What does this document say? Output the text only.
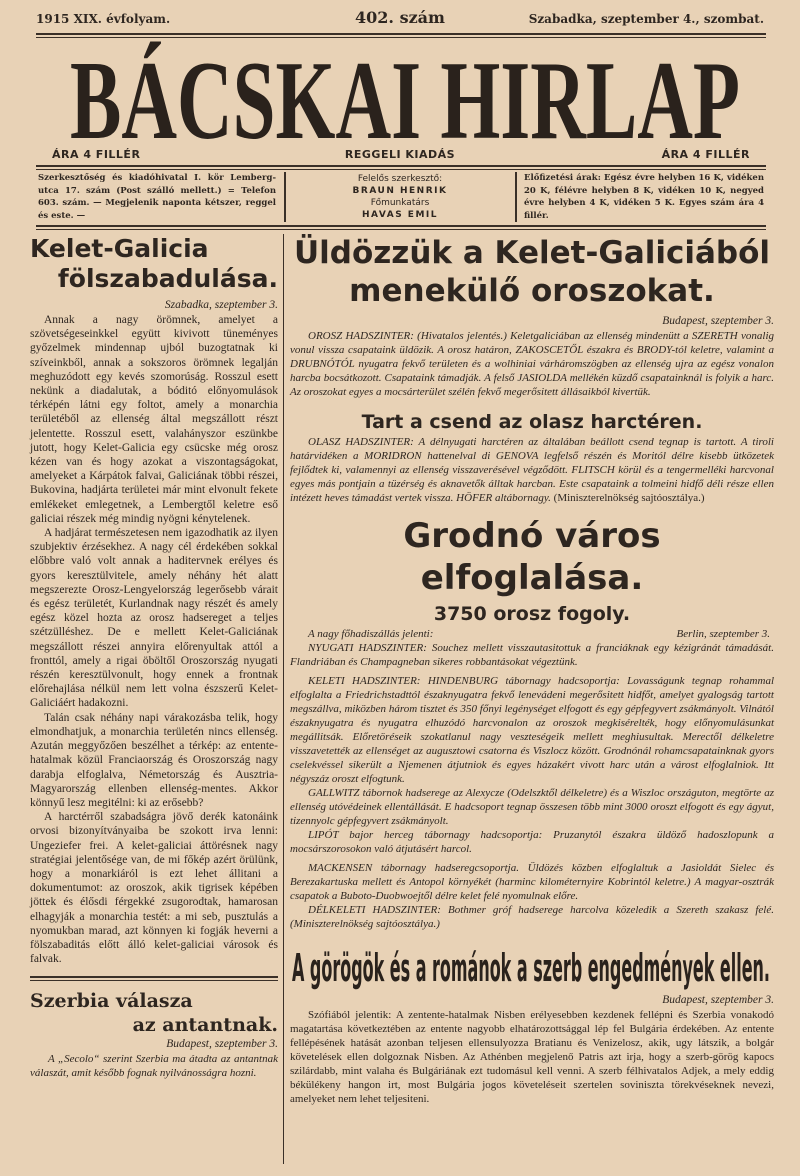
1915 XIX. évfolyam.	402. szám	Szabadka, szeptember 4., szombat.
BÁCSKAI HIRLAP
ÁRA 4 FILLÉR	REGGELI KIADÁS	ÁRA 4 FILLÉR
Szerkesztőség és kiadóhivatal I. kör Lemberg-utca 17. szám (Post szálló mellett.) = Telefon 603. szám. — Megjelenik naponta kétszer, reggel és este. —
Felelős szerkesztő:
BRAUN HENRIK
Főmunkatárs
HAVAS EMIL
Előfizetési árak: Egész évre helyben 16 K, vidéken 20 K, félévre helyben 8 K, vidéken 10 K, negyed évre helyben 4 K, vidéken 5 K. Egyes szám ára 4 fillér.
Kelet-Galicia
fölszabadulása.
Szabadka, szeptember 3.

Annak a nagy örömnek, amelyet a szövetségeseinkkel együtt kivivott tüneményes győzelmek mindennap ujból buzogtatnak ki szíveinkből, annak a sokszoros örömnek legalján meghuzódott egy kevés szomorúság. Rosszul esett nekünk a diadalutak, a bóditó előnyomulások térképén látni egy foltot, amely a monarchia területéből az ellenség által megszállott részt jelentette. Rosszul esett, valahányszor eszünkbe jutott, hogy Kelet-Galicia egy csücske még orosz kézen van és hogy azokat a viszontagságokat, amelyeket a Kárpátok falvai, Galiciának többi részei, Bukovina, hadjárta területei már mint elvonult fekete emlékeket emlegetnek, a Lembergtől keletre eső galiciai részek még mindig nyögni kénytelenek.

A hadjárat természetesen nem igazodhatik az ilyen szubjektiv érzésekhez. A nagy cél érdekében sokkal előbbre való volt annak a haditervnek erélyes és gyors keresztülvitele, amely néhány hét alatt megszerezte Orosz-Lengyelország legerősebb várait és egész területét, Kurlandnak nagy részét és amely egész közel hozta az orosz hadsereget a teljes szétzülléshez. De e mellett Kelet-Galiciának megszállott részei annyira előrenyultak attól a fronttól, amely a rigai öböltől Oroszország nyugati részén keresztülvonult, hogy ennek a frontnak előrehajlása nélkül nem lett volna észszerű Kelet-Galiciáért hadakozni.

Talán csak néhány napi várakozásba telik, hogy elmondhatjuk, a monarchia területén nincs ellenség. Azután meggyőzően beszélhet a térkép: az entente-hatalmak közül Franciaország és Oroszország nagy darabja elfoglalva, Németország és Ausztria-Magyarország ellenben ellenség-mentes. Akkor könnyű lesz megitélni: ki az erősebb?

A harctérről szabadságra jövő derék katonáink orvosi bizonyítványaiba be szokott irva lenni: Ungeziefer frei. A kelet-galiciai áttörésnek nagy stratégiai jelentősége van, de mi főkép azért örülünk, hogy a monarkiáról is ezt lehet állitani a dokumentumot: az oroszok, akik tigrisek képében jöttek és élősdi férgekké zsugorodtak, hamarosan elhagyják a monarchia testét: a mi seb, pusztulás a nyomukban marad, azt könnyen ki fogják heverni a fölszabaditás előtt álló kelet-galiciai városok és falvak.

Szerbia válasza
az antantnak.
Budapest, szeptember 3.

A „Secolo“ szerint Szerbia ma átadta az antantnak válaszát, amit később fognak nyilvánosságra hozni.

Üldözzük a Kelet-Galiciából
menekülő oroszokat.
Budapest, szeptember 3.

OROSZ HADSZINTER: (Hivatalos jelentés.) Keletgaliciában az ellenség mindenütt a SZERETH vonalig vonul vissza csapataink üldözik. A orosz határon, ZAKOSCETŐL északra és BRODY-tól keletre, valamint a DRUBNÓTÓL nyugatra fekvő területen és a wolhiniai várháromszögben az ellenség ujra az egész vonalon harcba bocsátkozott. Csapataink támadják. A felső JASIOLDA mellékén küzdő csapatainknál is folyik a harc. Az oroszokat egyes a mocsárterület szélén fekvő megerősitett állásaikból kivertük.

Tart a csend az olasz harctéren.

OLASZ HADSZINTER: A délnyugati harctéren az általában beállott csend tegnap is tartott. A tiroli határvidéken a MORIDRON hattenelval di GENOVA legfelső részén és Moritól délre kisebb ütközetek fejlődtek ki, valamennyi az ellenség visszaverésével végződött. FLITSCH körül és a tengermelléki harcvonal egyes más pontjain a tüzérség és aknavetők álltak harcban. Este csapataink a tolmeini hidfő déli része ellen intézett heves támadást vertek vissza. HÖFER altábornagy. (Miniszterelnökség sajtóosztálya.)

Grodnó város elfoglalása.
3750 orosz fogoly.
A nagy főhadiszállás jelenti:	Berlin, szeptember 3.

NYUGATI HADSZINTER: Souchez mellett visszautasitottuk a franciáknak egy kézigránát támadását. Flandriában és Champagneban sikeres robbantásokat végeztünk.

KELETI HADSZINTER: HINDENBURG tábornagy hadcsoportja: Lovasságunk tegnap rohammal elfoglalta a Friedrichstadttól északnyugatra fekvő lenevádeni megerősitett hidfőt, amelyet gyalogság tartott megszállva, miközben három tisztet és 350 főnyi legénységet elfogott és egy gépfegyvert zsákmányolt. Vilnától északnyugatra és nyugatra elhuzódó harcvonalon az oroszok megkisérelték, hogy előnyomulásunkat megállitsák. Előretöréseik szokatlanul nagy veszteségeik mellett meghiusultak. Merectől délkeletre visszavetették az ellenséget az augusztowi csatorna és Viszlocz között. Grodnónál rohamcsapatainknak gyors cselekvéssel sikerült a Njemenen átjutniok és egyes házakért vivott harc után a várost elfoglalniok. Itt négyszáz oroszt elfogtunk.

GALLWITZ tábornok hadserege az Alexycze (Odelszktől délkeletre) és a Wiszloc országuton, megtörte az ellenség utóvédeinek ellentállását. E hadcsoport tegnap összesen több mint 3000 oroszt elfogott és egy ágyut, tizennyolc gépfegyvert zsákmányolt.

LIPÓT bajor herceg tábornagy hadcsoportja: Pruzanytól északra üldöző hadoszlopunk a mocsárszorosokon való átjutásért harcol.

MACKENSEN tábornagy hadseregcsoportja. Üldözés közben elfoglaltuk a Jasioldát Sielec és Berezakartuska mellett és Antopol környékét (harminc kilométernyire Kobrintól keletre.) A magyar-osztrák csapatok a Buboto-Duobwoejtől délre kelet felé nyomulnak előre.

DÉLKELETI HADSZINTER: Bothmer gróf hadserege harcolva közeledik a Szereth szakasz felé. (Miniszterelnökség sajtóosztálya.)

A görögök és a románok a szerb engedmények ellen.
Budapest, szeptember 3.

Szófiából jelentik: A zentente-hatalmak Nisben erélyesebben kezdenek fellépni és Szerbia vonakodó magatartása következtében az entente nagyobb elhatározottsággal lép fel Bulgária érdekében. Az entente fellépésének hatását azonban teljesen ellensulyozza Bratianu és Venizelosz, akik, ugy látszik, a bolgár követelések ellen dolgoznak Nisben. Az Athénben megjelenő Patris azt irja, hogy a szerb-görög kapocs szilárdabb, mint valaha és Bulgáriának ezt tudomásul kell venni. A szerb félhivatalos Adjek, a mely eddig békülékeny hangon irt, most Bulgária jogos követeléseit szertelen sovinisztа törekvéseknek nevezi, amelyeket nem lehet teljesiteni.
